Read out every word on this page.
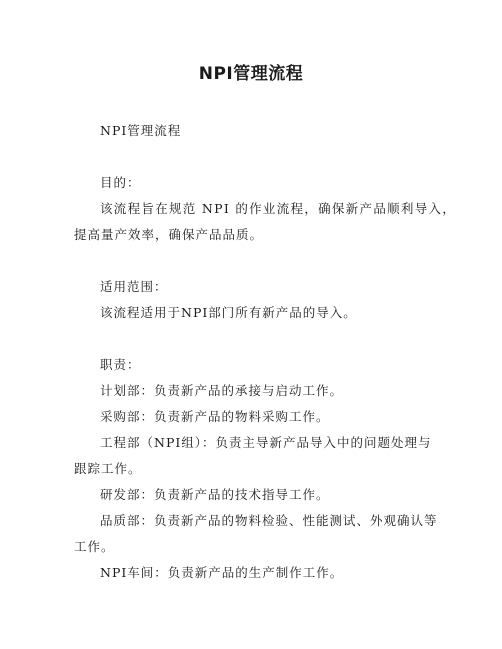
NPI管理流程
NPI管理流程
目的：
该流程旨在规范 NPI 的作业流程，确保新产品顺利导入，
提高量产效率，确保产品品质。
适用范围：
该流程适用于NPI部门所有新产品的导入。
职责：
计划部：负责新产品的承接与启动工作。
采购部：负责新产品的物料采购工作。
工程部（NPI组）：负责主导新产品导入中的问题处理与
跟踪工作。
研发部：负责新产品的技术指导工作。
品质部：负责新产品的物料检验、性能测试、外观确认等
工作。
NPI车间：负责新产品的生产制作工作。
